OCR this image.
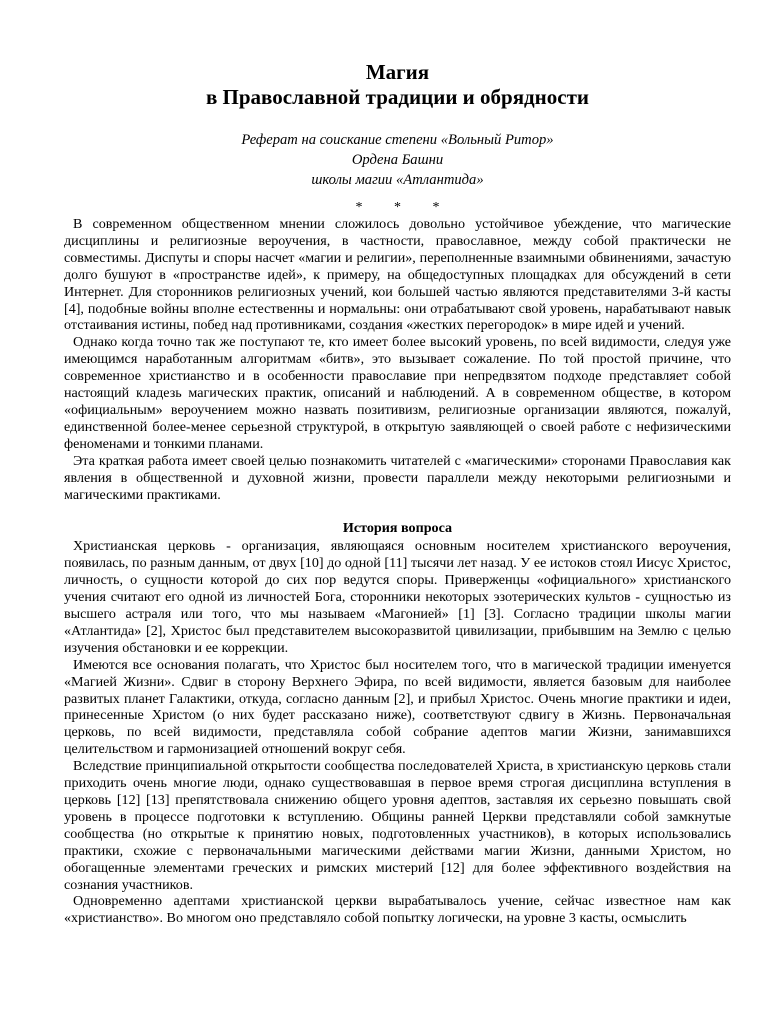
Магия
в Православной традиции и обрядности

Реферат на соискание степени «Вольный Ритор»

Ордена Башни

школы магии «Атлантида»

* * *

В современном общественном мнении сложилось довольно устойчивое убеждение, что магические дисциплины и религиозные вероучения, в частности, православное, между собой практически не совместимы. Диспуты и споры насчет «магии и религии», переполненные взаимными обвинениями, зачастую долго бушуют в «пространстве идей», к примеру, на общедоступных площадках для обсуждений в сети Интернет. Для сторонников религиозных учений, кои большей частью являются представителями 3-й касты [4], подобные войны вполне естественны и нормальны: они отрабатывают свой уровень, нарабатывают навык отстаивания истины, побед над противниками, создания «жестких перегородок» в мире идей и учений.

Однако когда точно так же поступают те, кто имеет более высокий уровень, по всей видимости, следуя уже имеющимся наработанным алгоритмам «битв», это вызывает сожаление. По той простой причине, что современное христианство и в особенности православие при непредвзятом подходе представляет собой настоящий кладезь магических практик, описаний и наблюдений. А в современном обществе, в котором «официальным» вероучением можно назвать позитивизм, религиозные организации являются, пожалуй, единственной более-менее серьезной структурой, в открытую заявляющей о своей работе с нефизическими феноменами и тонкими планами.

Эта краткая работа имеет своей целью познакомить читателей с «магическими» сторонами Православия как явления в общественной и духовной жизни, провести параллели между некоторыми религиозными и магическими практиками.

История вопроса

Христианская церковь - организация, являющаяся основным носителем христианского вероучения, появилась, по разным данным, от двух [10] до одной [11] тысячи лет назад. У ее истоков стоял Иисус Христос, личность, о сущности которой до сих пор ведутся споры. Приверженцы «официального» христианского учения считают его одной из личностей Бога, сторонники некоторых эзотерических культов - сущностью из высшего астраля или того, что мы называем «Магонией» [1] [3]. Согласно традиции школы магии «Атлантида» [2], Христос был представителем высокоразвитой цивилизации, прибывшим на Землю с целью изучения обстановки и ее коррекции.

Имеются все основания полагать, что Христос был носителем того, что в магической традиции именуется «Магией Жизни». Сдвиг в сторону Верхнего Эфира, по всей видимости, является базовым для наиболее развитых планет Галактики, откуда, согласно данным [2], и прибыл Христос. Очень многие практики и идеи, принесенные Христом (о них будет рассказано ниже), соответствуют сдвигу в Жизнь. Первоначальная церковь, по всей видимости, представляла собой собрание адептов магии Жизни, занимавшихся целительством и гармонизацией отношений вокруг себя.

Вследствие принципиальной открытости сообщества последователей Христа, в христианскую церковь стали приходить очень многие люди, однако существовавшая в первое время строгая дисциплина вступления в церковь [12] [13] препятствовала снижению общего уровня адептов, заставляя их серьезно повышать свой уровень в процессе подготовки к вступлению. Общины ранней Церкви представляли собой замкнутые сообщества (но открытые к принятию новых, подготовленных участников), в которых использовались практики, схожие с первоначальными магическими действами магии Жизни, данными Христом, но обогащенные элементами греческих и римских мистерий [12] для более эффективного воздействия на сознания участников.

Одновременно адептами христианской церкви вырабатывалось учение, сейчас известное нам как «христианство». Во многом оно представляло собой попытку логически, на уровне 3 касты, осмыслить
